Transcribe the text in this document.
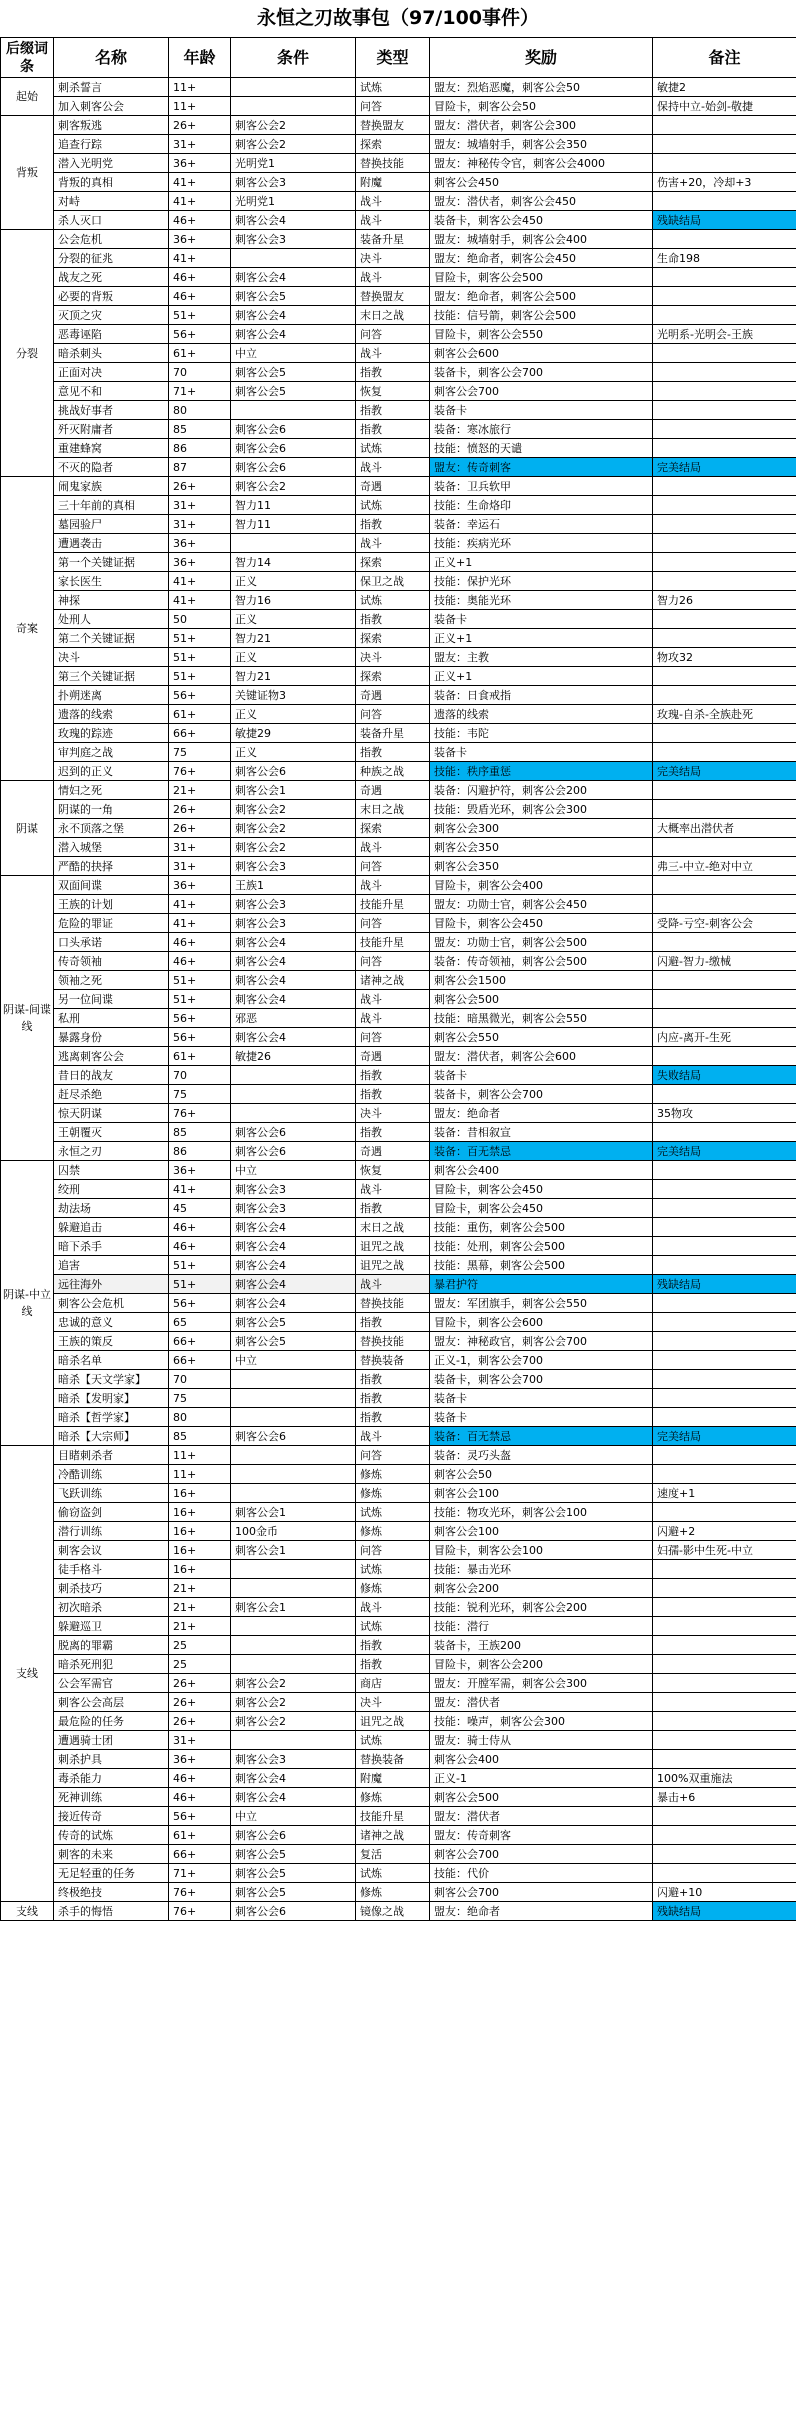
永恒之刃故事包（97/100事件）
后缀词条	名称	年龄	条件	类型	奖励	备注
起始	刺杀誓言	11+		试炼	盟友：烈焰恶魔，刺客公会50	敏捷2
	加入刺客公会	11+		问答	冒险卡，刺客公会50	保持中立-始剑-敬捷
背叛	刺客叛逃	26+	刺客公会2	替换盟友	盟友：潜伏者，刺客公会300	
	追查行踪	31+	刺客公会2	探索	盟友：城墙射手，刺客公会350	
	潜入光明党	36+	光明党1	替换技能	盟友：神秘传令官，刺客公会4000	
	背叛的真相	41+	刺客公会3	附魔	刺客公会450	伤害+20，冷却+3
	对峙	41+	光明党1	战斗	盟友：潜伏者，刺客公会450	
	杀人灭口	46+	刺客公会4	战斗	装备卡，刺客公会450	残缺结局
分裂	公会危机	36+	刺客公会3	装备升星	盟友：城墙射手，刺客公会400	
	分裂的征兆	41+		决斗	盟友：绝命者，刺客公会450	生命198
	战友之死	46+	刺客公会4	战斗	冒险卡，刺客公会500	
	必要的背叛	46+	刺客公会5	替换盟友	盟友：绝命者，刺客公会500	
	灭顶之灾	51+	刺客公会4	末日之战	技能：信号箭，刺客公会500	
	恶毒诬陷	56+	刺客公会4	问答	冒险卡，刺客公会550	光明系-光明会-王族
	暗杀刺头	61+	中立	战斗	刺客公会600	
	正面对决	70	刺客公会5	指教	装备卡，刺客公会700	
	意见不和	71+	刺客公会5	恢复	刺客公会700	
	挑战好事者	80		指教	装备卡	
	歼灭附庸者	85	刺客公会6	指教	装备：寒冰旅行	
	重建蜂窝	86	刺客公会6	试炼	技能：愤怒的天谴	
	不灭的隐者	87	刺客公会6	战斗	盟友：传奇刺客	完美结局
奇案	闹鬼家族	26+	刺客公会2	奇遇	装备：卫兵软甲	
	三十年前的真相	31+	智力11	试炼	技能：生命烙印	
	墓园验尸	31+	智力11	指教	装备：幸运石	
	遭遇袭击	36+		战斗	技能：疾病光环	
	第一个关键证据	36+	智力14	探索	正义+1	
	家长医生	41+	正义	保卫之战	技能：保护光环	
	神探	41+	智力16	试炼	技能：奥能光环	智力26
	处刑人	50	正义	指教	装备卡	
	第二个关键证据	51+	智力21	探索	正义+1	
	决斗	51+	正义	决斗	盟友：主教	物攻32
	第三个关键证据	51+	智力21	探索	正义+1	
	扑朔迷离	56+	关键证物3	奇遇	装备：日食戒指	
	遗落的线索	61+	正义	问答	遗落的线索	玫瑰-自杀-全族赴死
	玫瑰的踪迹	66+	敏捷29	装备升星	技能：韦陀	
	审判庭之战	75	正义	指教	装备卡	
	迟到的正义	76+	刺客公会6	种族之战	技能：秩序重惩	完美结局
阴谋	情妇之死	21+	刺客公会1	奇遇	装备：闪避护符，刺客公会200	
	阴谋的一角	26+	刺客公会2	末日之战	技能：毁盾光环，刺客公会300	
	永不顶落之堡	26+	刺客公会2	探索	刺客公会300	大概率出潜伏者
	潜入城堡	31+	刺客公会2	战斗	刺客公会350	
	严酷的抉择	31+	刺客公会3	问答	刺客公会350	弗三-中立-绝对中立
阴谋-间谍线	双面间谍	36+	王族1	战斗	冒险卡，刺客公会400	
	王族的计划	41+	刺客公会3	技能升星	盟友：功勋士官，刺客公会450	
	危险的罪证	41+	刺客公会3	问答	冒险卡，刺客公会450	受降-亏空-刺客公会
	口头承诺	46+	刺客公会4	技能升星	盟友：功勋士官，刺客公会500	
	传奇领袖	46+	刺客公会4	问答	装备：传奇领袖，刺客公会500	闪避-智力-缴械
	领袖之死	51+	刺客公会4	诸神之战	刺客公会1500	
	另一位间谍	51+	刺客公会4	战斗	刺客公会500	
	私刑	56+	邪恶	战斗	技能：暗黑微光，刺客公会550	
	暴露身份	56+	刺客公会4	问答	刺客公会550	内应-离开-生死
	逃离刺客公会	61+	敏捷26	奇遇	盟友：潜伏者，刺客公会600	
	昔日的战友	70		指教	装备卡	失败结局
	赶尽杀绝	75		指教	装备卡，刺客公会700	
	惊天阴谋	76+		决斗	盟友：绝命者	35物攻
	王朝覆灭	85	刺客公会6	指教	装备：昔相叙宣	
	永恒之刃	86	刺客公会6	奇遇	装备：百无禁忌	完美结局
阴谋-中立线	囚禁	36+	中立	恢复	刺客公会400	
	绞刑	41+	刺客公会3	战斗	冒险卡，刺客公会450	
	劫法场	45	刺客公会3	指教	冒险卡，刺客公会450	
	躲避追击	46+	刺客公会4	末日之战	技能：重伤，刺客公会500	
	暗下杀手	46+	刺客公会4	诅咒之战	技能：处刑，刺客公会500	
	追害	51+	刺客公会4	诅咒之战	技能：黑幕，刺客公会500	
	远往海外	51+	刺客公会4	战斗	暴君护符	残缺结局
	刺客公会危机	56+	刺客公会4	替换技能	盟友：军团旗手，刺客公会550	
	忠诚的意义	65	刺客公会5	指教	冒险卡，刺客公会600	
	王族的策反	66+	刺客公会5	替换技能	盟友：神秘政官，刺客公会700	
	暗杀名单	66+	中立	替换装备	正义-1，刺客公会700	
	暗杀【天文学家】	70		指教	装备卡，刺客公会700	
	暗杀【发明家】	75		指教	装备卡	
	暗杀【哲学家】	80		指教	装备卡	
	暗杀【大宗师】	85	刺客公会6	战斗	装备：百无禁忌	完美结局
支线	目睹刺杀者	11+		问答	装备：灵巧头盔	
	冷酷训练	11+		修炼	刺客公会50	
	飞跃训练	16+		修炼	刺客公会100	速度+1
	偷窃盗剑	16+	刺客公会1	试炼	技能：物攻光环，刺客公会100	
	潜行训练	16+	100金币	修炼	刺客公会100	闪避+2
	刺客会议	16+	刺客公会1	问答	冒险卡，刺客公会100	妇孺-影中生死-中立
	徒手格斗	16+		试炼	技能：暴击光环	
	刺杀技巧	21+		修炼	刺客公会200	
	初次暗杀	21+	刺客公会1	战斗	技能：锐利光环，刺客公会200	
	躲避巡卫	21+		试炼	技能：潜行	
	脱离的罪霸	25		指教	装备卡，王族200	
	暗杀死刑犯	25		指教	冒险卡，刺客公会200	
	公会军需官	26+	刺客公会2	商店	盟友：开膛军需，刺客公会300	
	刺客公会高层	26+	刺客公会2	决斗	盟友：潜伏者	
	最危险的任务	26+	刺客公会2	诅咒之战	技能：噪声，刺客公会300	
	遭遇骑士团	31+		试炼	盟友：骑士侍从	
	刺杀护具	36+	刺客公会3	替换装备	刺客公会400	
	毒杀能力	46+	刺客公会4	附魔	正义-1	100%双重施法
	死神训练	46+	刺客公会4	修炼	刺客公会500	暴击+6
	接近传奇	56+	中立	技能升星	盟友：潜伏者	
	传奇的试炼	61+	刺客公会6	诸神之战	盟友：传奇刺客	
	刺客的未来	66+	刺客公会5	复活	刺客公会700	
	无足轻重的任务	71+	刺客公会5	试炼	技能：代价	
	终极绝技	76+	刺客公会5	修炼	刺客公会700	闪避+10
支线	杀手的悔悟	76+	刺客公会6	镜像之战	盟友：绝命者	残缺结局
